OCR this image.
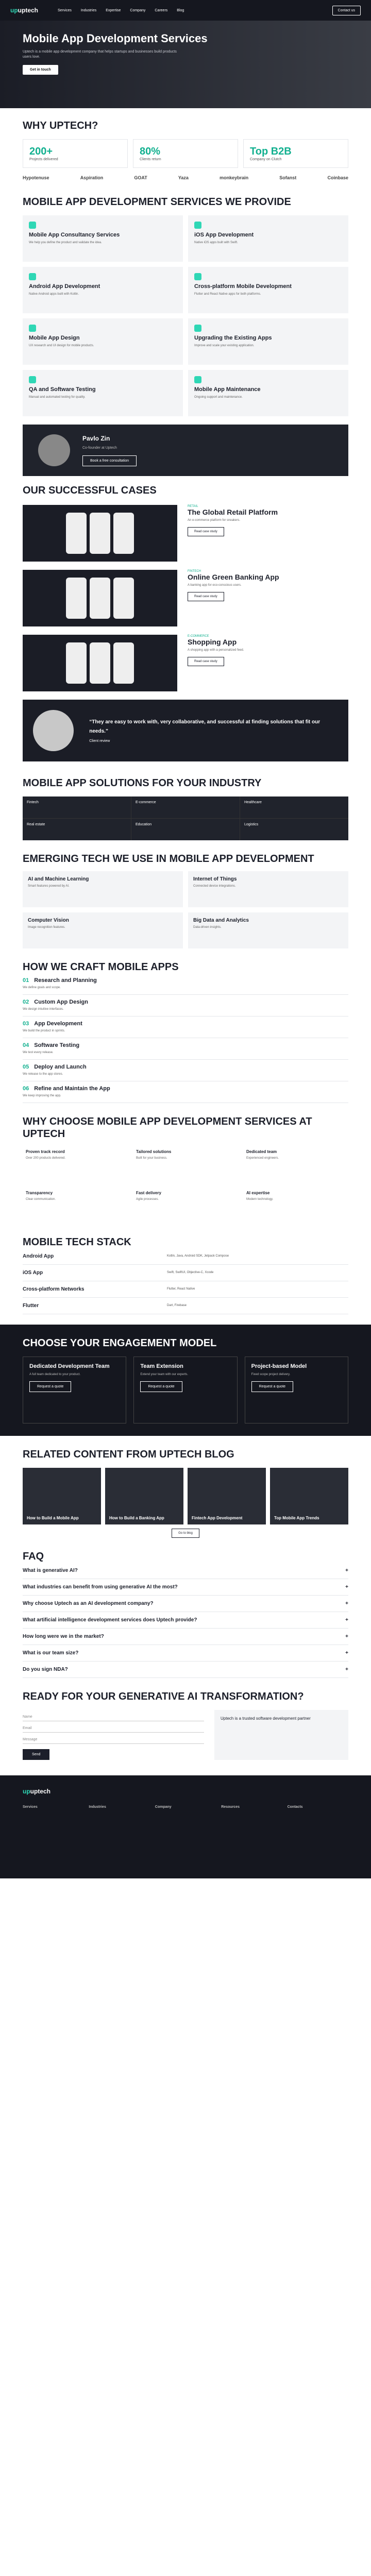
upuptech	Services	Industries	Expertise	Company	Careers	Blog	Contact us
Mobile App Development Services

Uptech is a mobile app development company that helps startups and businesses build products users love.

Get in touch
WHY UPTECH?
200+
Projects delivered
80%
Clients return
Top B2B
Company on Clutch
Hypotenuse	Aspiration	GOAT	Yaza	monkeybrain	Sofanst	Coinbase
MOBILE APP DEVELOPMENT SERVICES WE PROVIDE
Mobile App Consultancy Services

We help you define the product and validate the idea.

iOS App Development

Native iOS apps built with Swift.

Android App Development

Native Android apps built with Kotlin.

Cross-platform Mobile Development

Flutter and React Native apps for both platforms.

Mobile App Design

UX research and UI design for mobile products.

Upgrading the Existing Apps

Improve and scale your existing application.

QA and Software Testing

Manual and automated testing for quality.

Mobile App Maintenance

Ongoing support and maintenance.

Pavlo Zin
Co-founder at Uptech
Book a free consultation
OUR SUCCESSFUL CASES
RETAIL
The Global Retail Platform

An e-commerce platform for sneakers.

Read case study
FINTECH
Online Green Banking App

A banking app for eco-conscious users.

Read case study
E-COMMERCE
Shopping App

A shopping app with a personalized feed.

Read case study
They are easy to work with, very collaborative, and successful at finding solutions that fit our needs.
Client review
MOBILE APP SOLUTIONS FOR YOUR INDUSTRY
Fintech	E-commerce	Healthcare
Real estate	Education	Logistics
EMERGING TECH WE USE IN MOBILE APP DEVELOPMENT
AI and Machine Learning

Smart features powered by AI.

Internet of Things

Connected device integrations.

Computer Vision

Image recognition features.

Big Data and Analytics

Data-driven insights.

HOW WE CRAFT MOBILE APPS
01 Research and Planning

We define goals and scope.

02 Custom App Design

We design intuitive interfaces.

03 App Development

We build the product in sprints.

04 Software Testing

We test every release.

05 Deploy and Launch

We release to the app stores.

06 Refine and Maintain the App

We keep improving the app.

WHY CHOOSE MOBILE APP DEVELOPMENT SERVICES AT UPTECH
Proven track record

Over 200 products delivered.

Tailored solutions

Built for your business.

Dedicated team

Experienced engineers.

Transparency

Clear communication.

Fast delivery

Agile processes.

AI expertise

Modern technology.

MOBILE TECH STACK
Android App	Kotlin, Java, Android SDK, Jetpack Compose
iOS App	Swift, SwiftUI, Objective-C, Xcode
Cross-platform Networks	Flutter, React Native
Flutter	Dart, Firebase
CHOOSE YOUR ENGAGEMENT MODEL
Dedicated Development Team

A full team dedicated to your product.

Request a quote
Team Extension

Extend your team with our experts.

Request a quote
Project-based Model

Fixed scope project delivery.

Request a quote
RELATED CONTENT FROM UPTECH BLOG
How to Build a Mobile App	How to Build a Banking App	Fintech App Development	Top Mobile App Trends
Go to blog
FAQ
What is generative AI?	+
What industries can benefit from using generative AI the most?	+
Why choose Uptech as an AI development company?	+
What artificial intelligence development services does Uptech provide?	+
How long were we in the market?	+
What is our team size?	+
Do you sign NDA?	+
READY FOR YOUR GENERATIVE AI TRANSFORMATION?
Name
Email
Message
Send
Uptech is a trusted software development partner
upuptech
Services	Industries	Company	Resources	Contacts
